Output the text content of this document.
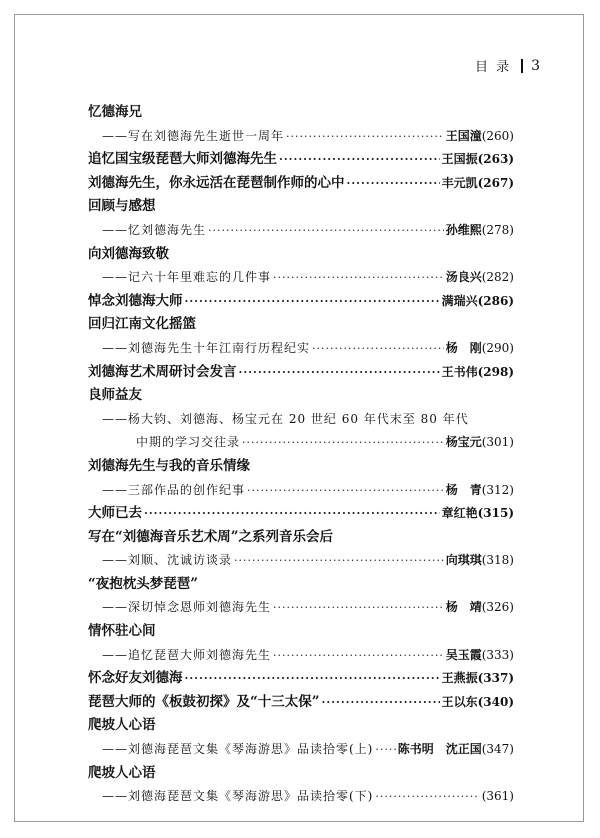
目 录 3
忆德海兄
——写在刘德海先生逝世一周年 ·····	王国潼 (260)
追忆国宝级琵琶大师刘德海先生 ·····	王国振 (263)
刘德海先生，你永远活在琵琶制作师的心中 ·····	丰元凯 (267)
回顾与感想
——忆刘德海先生 ·····	孙维熙 (278)
向刘德海致敬
——记六十年里难忘的几件事 ·····	汤良兴 (282)
悼念刘德海大师 ·····	满瑞兴 (286)
回归江南文化摇篮
——刘德海先生十年江南行历程纪实 ·····	杨　刚 (290)
刘德海艺术周研讨会发言 ·····	王书伟 (298)
良师益友
——杨大钧、刘德海、杨宝元在 20 世纪 60 年代末至 80 年代
中期的学习交往录 ·····	杨宝元 (301)
刘德海先生与我的音乐情缘
——三部作品的创作纪事 ·····	杨　青 (312)
大师已去 ·····	章红艳 (315)
写在“刘德海音乐艺术周”之系列音乐会后
——刘顺、沈诚访谈录 ·····	向琪琪 (318)
“夜抱枕头梦琵琶”
——深切悼念恩师刘德海先生 ·····	杨　靖 (326)
情怀驻心间
——追忆琵琶大师刘德海先生 ·····	吴玉霞 (333)
怀念好友刘德海 ·····	王燕振 (337)
琵琶大师的《板鼓初探》及“十三太保” ·····	王以东 (340)
爬坡人心语
——刘德海琵琶文集《琴海游思》品读拾零(上) ····· 陈书明　沈正国 (347)
爬坡人心语
——刘德海琵琶文集《琴海游思》品读拾零(下) ·····	(361)
